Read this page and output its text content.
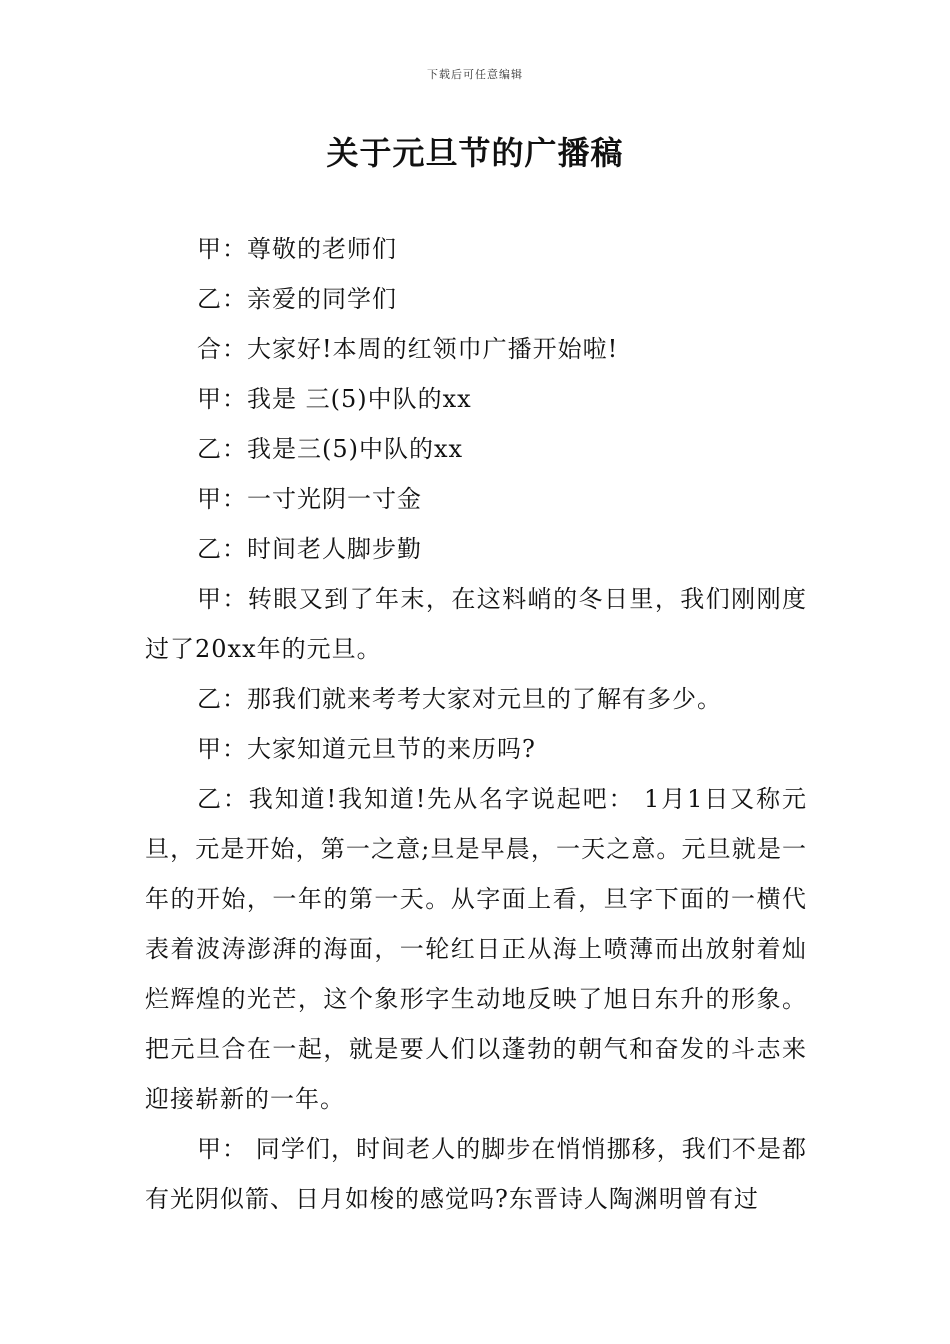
下载后可任意编辑
关于元旦节的广播稿

甲：尊敬的老师们

乙：亲爱的同学们

合：大家好!本周的红领巾广播开始啦!

甲：我是 三(5)中队的xx

乙：我是三(5)中队的xx

甲：一寸光阴一寸金

乙：时间老人脚步勤

甲：转眼又到了年末，在这料峭的冬日里，我们刚刚度过了20xx年的元旦。

乙：那我们就来考考大家对元旦的了解有多少。

甲：大家知道元旦节的来历吗?

乙：我知道!我知道!先从名字说起吧： 1月1日又称元旦，元是开始，第一之意;旦是早晨，一天之意。元旦就是一年的开始，一年的第一天。从字面上看，旦字下面的一横代表着波涛澎湃的海面，一轮红日正从海上喷薄而出放射着灿烂辉煌的光芒，这个象形字生动地反映了旭日东升的形象。把元旦合在一起，就是要人们以蓬勃的朝气和奋发的斗志来迎接崭新的一年。

甲： 同学们，时间老人的脚步在悄悄挪移，我们不是都有光阴似箭、日月如梭的感觉吗?东晋诗人陶渊明曾有过
